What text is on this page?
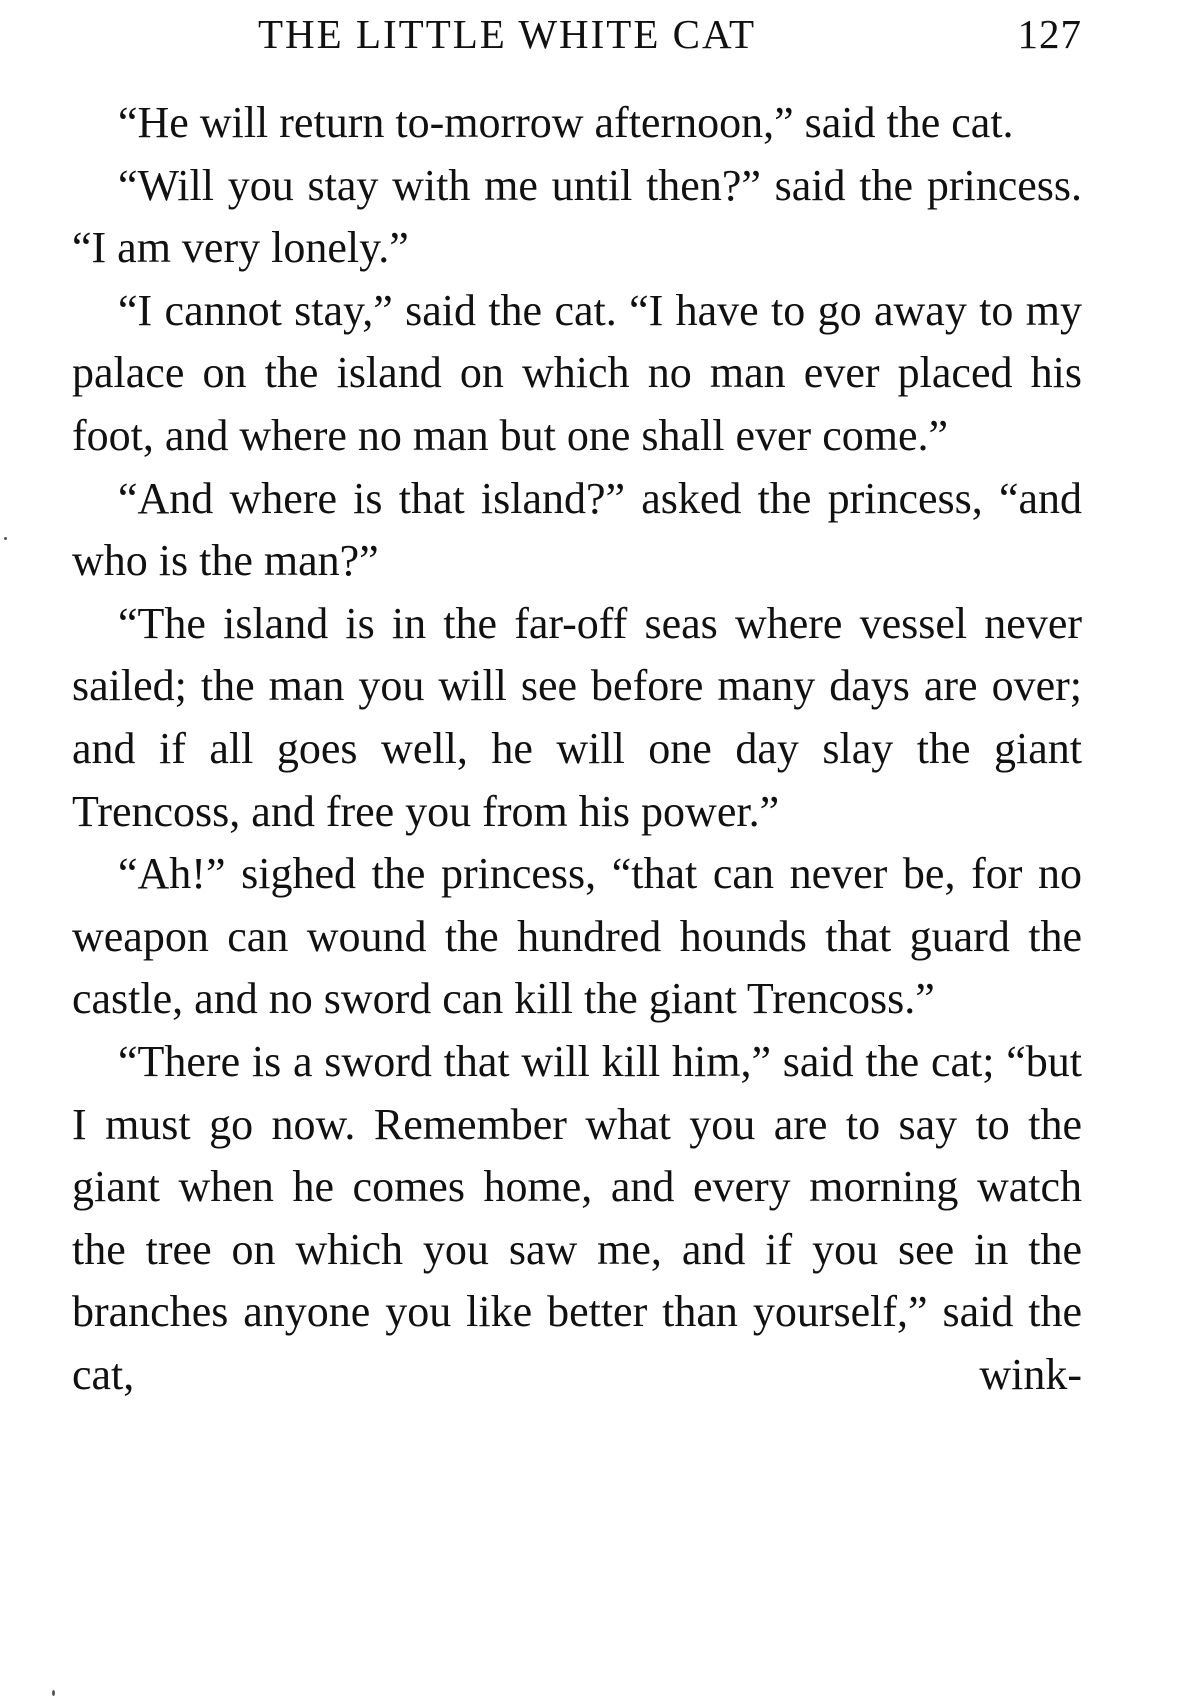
THE LITTLE WHITE CAT	127

“He will return to-morrow afternoon,” said the cat.

“Will you stay with me until then?” said the princess. “I am very lonely.”

“I cannot stay,” said the cat. “I have to go away to my palace on the island on which no man ever placed his foot, and where no man but one shall ever come.”

“And where is that island?” asked the princess, “and who is the man?”

“The island is in the far-off seas where vessel never sailed; the man you will see before many days are over; and if all goes well, he will one day slay the giant Trencoss, and free you from his power.”

“Ah!” sighed the princess, “that can never be, for no weapon can wound the hundred hounds that guard the castle, and no sword can kill the giant Trencoss.”

“There is a sword that will kill him,” said the cat; “but I must go now. Remember what you are to say to the giant when he comes home, and every morning watch the tree on which you saw me, and if you see in the branches anyone you like better than yourself,” said the cat, wink-
